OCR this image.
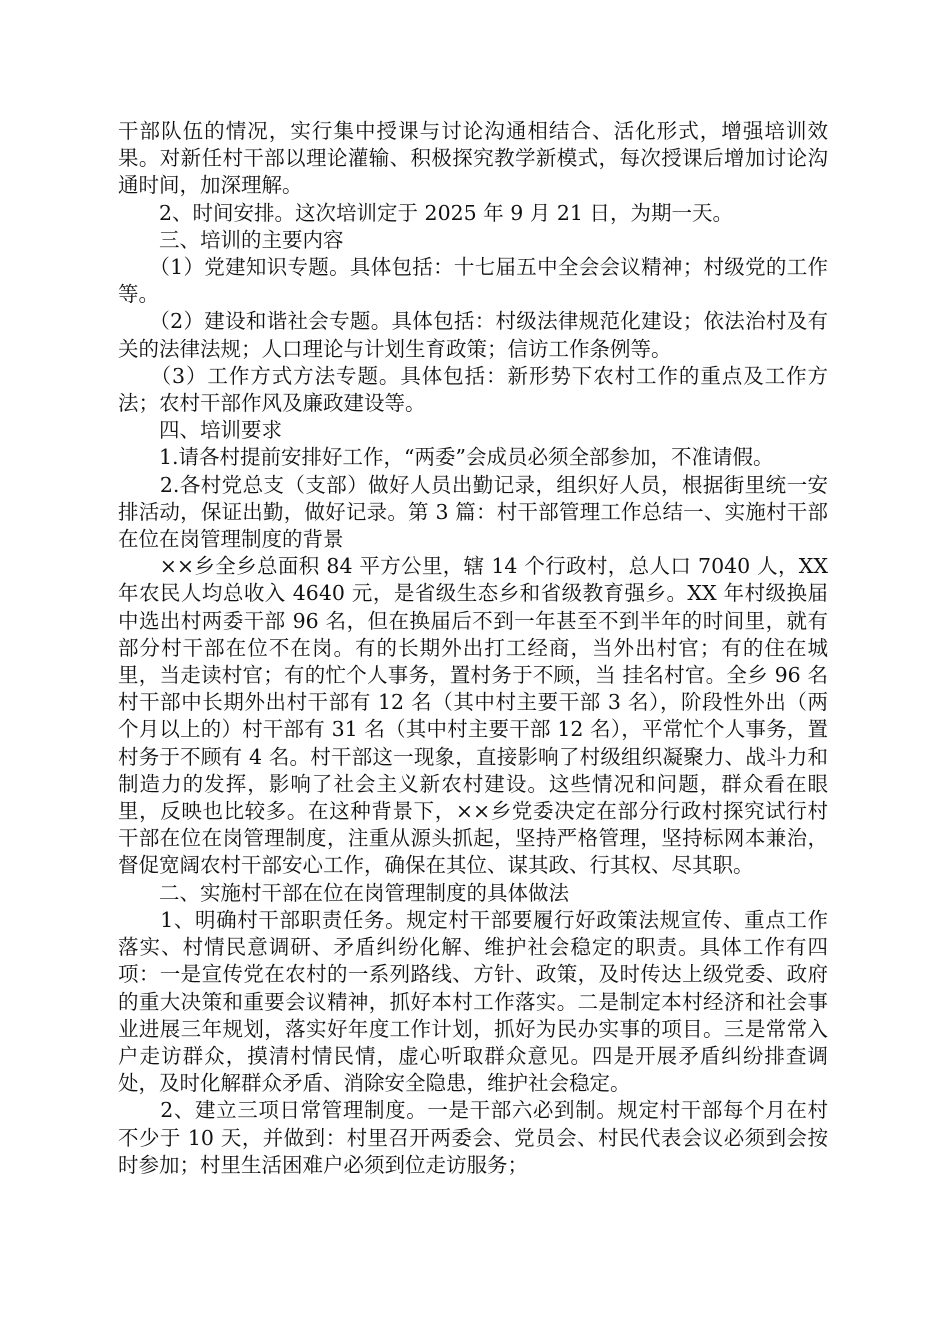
干部队伍的情况，实行集中授课与讨论沟通相结合、活化形式，增强培训效果。对新任村干部以理论灌输、积极探究教学新模式，每次授课后增加讨论沟通时间，加深理解。

　　2、时间安排。这次培训定于 2025 年 9 月 21 日，为期一天。

　　三、培训的主要内容

　　（1）党建知识专题。具体包括：十七届五中全会会议精神；村级党的工作等。

　　（2）建设和谐社会专题。具体包括：村级法律规范化建设；依法治村及有关的法律法规；人口理论与计划生育政策；信访工作条例等。

　　（3）工作方式方法专题。具体包括：新形势下农村工作的重点及工作方法；农村干部作风及廉政建设等。

　　四、培训要求

　　1.请各村提前安排好工作，“两委”会成员必须全部参加，不准请假。

　　2.各村党总支（支部）做好人员出勤记录，组织好人员，根据街里统一安排活动，保证出勤，做好记录。第 3 篇：村干部管理工作总结一、实施村干部在位在岗管理制度的背景

　　××乡全乡总面积 84 平方公里，辖 14 个行政村，总人口 7040 人，XX 年农民人均总收入 4640 元，是省级生态乡和省级教育强乡。XX 年村级换届中选出村两委干部 96 名，但在换届后不到一年甚至不到半年的时间里，就有部分村干部在位不在岗。有的长期外出打工经商，当外出村官；有的住在城里，当走读村官；有的忙个人事务，置村务于不顾，当 挂名村官。全乡 96 名村干部中长期外出村干部有 12 名（其中村主要干部 3 名），阶段性外出（两个月以上的）村干部有 31 名（其中村主要干部 12 名），平常忙个人事务，置村务于不顾有 4 名。村干部这一现象，直接影响了村级组织凝聚力、战斗力和制造力的发挥，影响了社会主义新农村建设。这些情况和问题，群众看在眼里，反映也比较多。在这种背景下，××乡党委决定在部分行政村探究试行村干部在位在岗管理制度，注重从源头抓起，坚持严格管理，坚持标网本兼治，督促宽阔农村干部安心工作，确保在其位、谋其政、行其权、尽其职。

　　二、实施村干部在位在岗管理制度的具体做法

　　1、明确村干部职责任务。规定村干部要履行好政策法规宣传、重点工作落实、村情民意调研、矛盾纠纷化解、维护社会稳定的职责。具体工作有四项：一是宣传党在农村的一系列路线、方针、政策，及时传达上级党委、政府的重大决策和重要会议精神，抓好本村工作落实。二是制定本村经济和社会事业进展三年规划，落实好年度工作计划，抓好为民办实事的项目。三是常常入户走访群众，摸清村情民情，虚心听取群众意见。四是开展矛盾纠纷排查调处，及时化解群众矛盾、消除安全隐患，维护社会稳定。

　　2、建立三项日常管理制度。一是干部六必到制。规定村干部每个月在村不少于 10 天，并做到：村里召开两委会、党员会、村民代表会议必须到会按时参加；村里生活困难户必须到位走访服务；
